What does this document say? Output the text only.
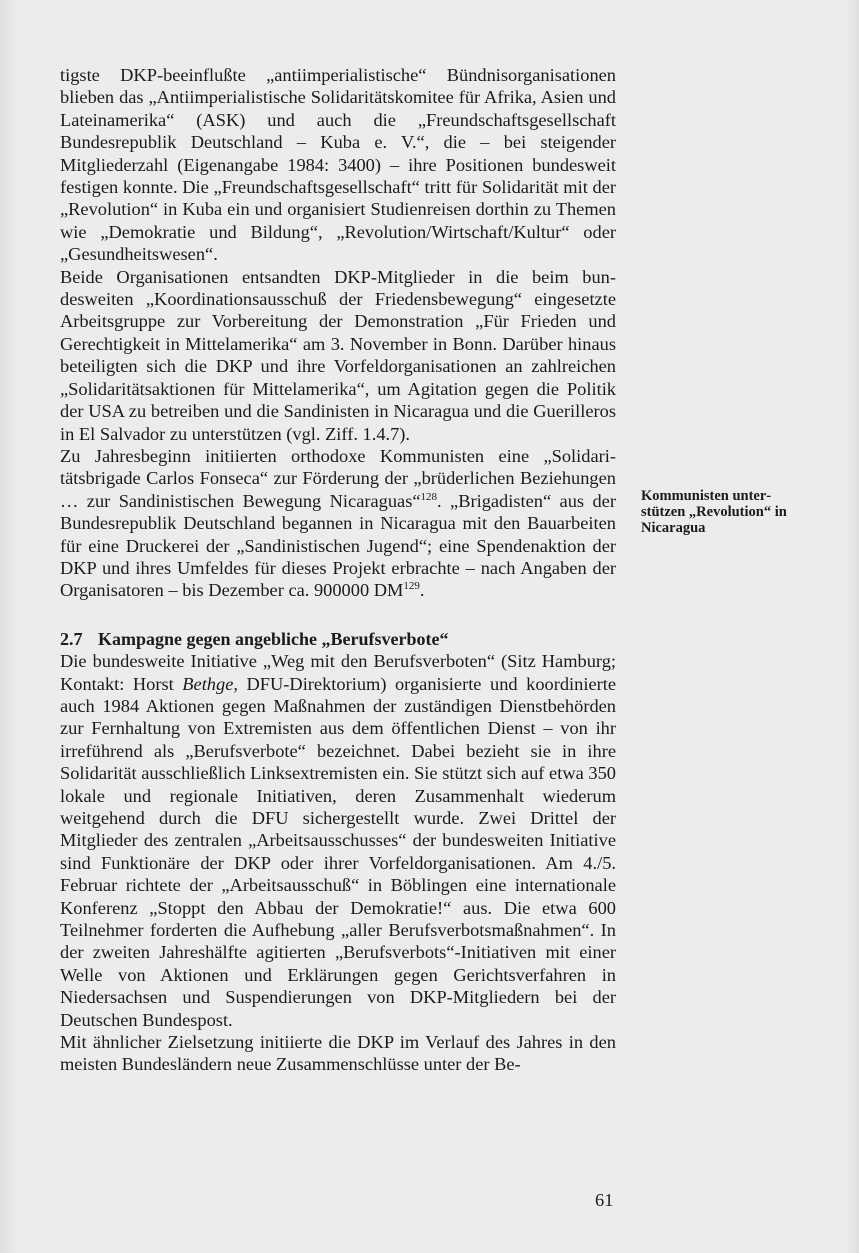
tigste DKP-beeinflußte „antiimperialistische“ Bündnisorganisationen blieben das „Antiimperialistische Solidaritätskomitee für Afrika, Asien und Lateinamerika“ (ASK) und auch die „Freundschaftsgesellschaft Bundesrepublik Deutschland – Kuba e. V.“, die – bei steigender Mitgliederzahl (Eigenangabe 1984: 3400) – ihre Positionen bundesweit festigen konnte. Die „Freundschaftsgesellschaft“ tritt für Solidarität mit der „Revolution“ in Kuba ein und organisiert Studienreisen dorthin zu Themen wie „Demokratie und Bildung“, „Revolution/Wirtschaft/Kultur“ oder „Gesundheitswesen“.

Beide Organisationen entsandten DKP-Mitglieder in die beim bundesweiten „Koordinationsausschuß der Friedensbewegung“ eingesetzte Arbeitsgruppe zur Vorbereitung der Demonstration „Für Frieden und Gerechtigkeit in Mittelamerika“ am 3. November in Bonn. Darüber hinaus beteiligten sich die DKP und ihre Vorfeldorganisationen an zahlreichen „Solidaritätsaktionen für Mittelamerika“, um Agitation gegen die Politik der USA zu betreiben und die Sandinisten in Nicaragua und die Guerilleros in El Salvador zu unterstützen (vgl. Ziff. 1.4.7).

Zu Jahresbeginn initiierten orthodoxe Kommunisten eine „Solidaritätsbrigade Carlos Fonseca“ zur Förderung der „brüderlichen Beziehungen … zur Sandinistischen Bewegung Nicaraguas“$^{128}$. „Brigadisten“ aus der Bundesrepublik Deutschland begannen in Nicaragua mit den Bauarbeiten für eine Druckerei der „Sandinistischen Jugend“; eine Spendenaktion der DKP und ihres Umfeldes für dieses Projekt erbrachte – nach Angaben der Organisatoren – bis Dezember ca. 900000 DM$^{129}$.

2.7 Kampagne gegen angebliche „Berufsverbote“

Die bundesweite Initiative „Weg mit den Berufsverboten“ (Sitz Hamburg; Kontakt: Horst Bethge, DFU-Direktorium) organisierte und koordinierte auch 1984 Aktionen gegen Maßnahmen der zuständigen Dienstbehörden zur Fernhaltung von Extremisten aus dem öffentlichen Dienst – von ihr irreführend als „Berufsverbote“ bezeichnet. Dabei bezieht sie in ihre Solidarität ausschließlich Linksextremisten ein. Sie stützt sich auf etwa 350 lokale und regionale Initiativen, deren Zusammenhalt wiederum weitgehend durch die DFU sichergestellt wurde. Zwei Drittel der Mitglieder des zentralen „Arbeitsausschusses“ der bundesweiten Initiative sind Funktionäre der DKP oder ihrer Vorfeldorganisationen. Am 4./5. Februar richtete der „Arbeitsausschuß“ in Böblingen eine internationale Konferenz „Stoppt den Abbau der Demokratie!“ aus. Die etwa 600 Teilnehmer forderten die Aufhebung „aller Berufsverbotsmaßnahmen“. In der zweiten Jahreshälfte agitierten „Berufsverbots“-Initiativen mit einer Welle von Aktionen und Erklärungen gegen Gerichtsverfahren in Niedersachsen und Suspendierungen von DKP-Mitgliedern bei der Deutschen Bundespost.

Mit ähnlicher Zielsetzung initiierte die DKP im Verlauf des Jahres in den meisten Bundesländern neue Zusammenschlüsse unter der Be-

Kommunisten unterstützen „Revolution“ in Nicaragua
61
